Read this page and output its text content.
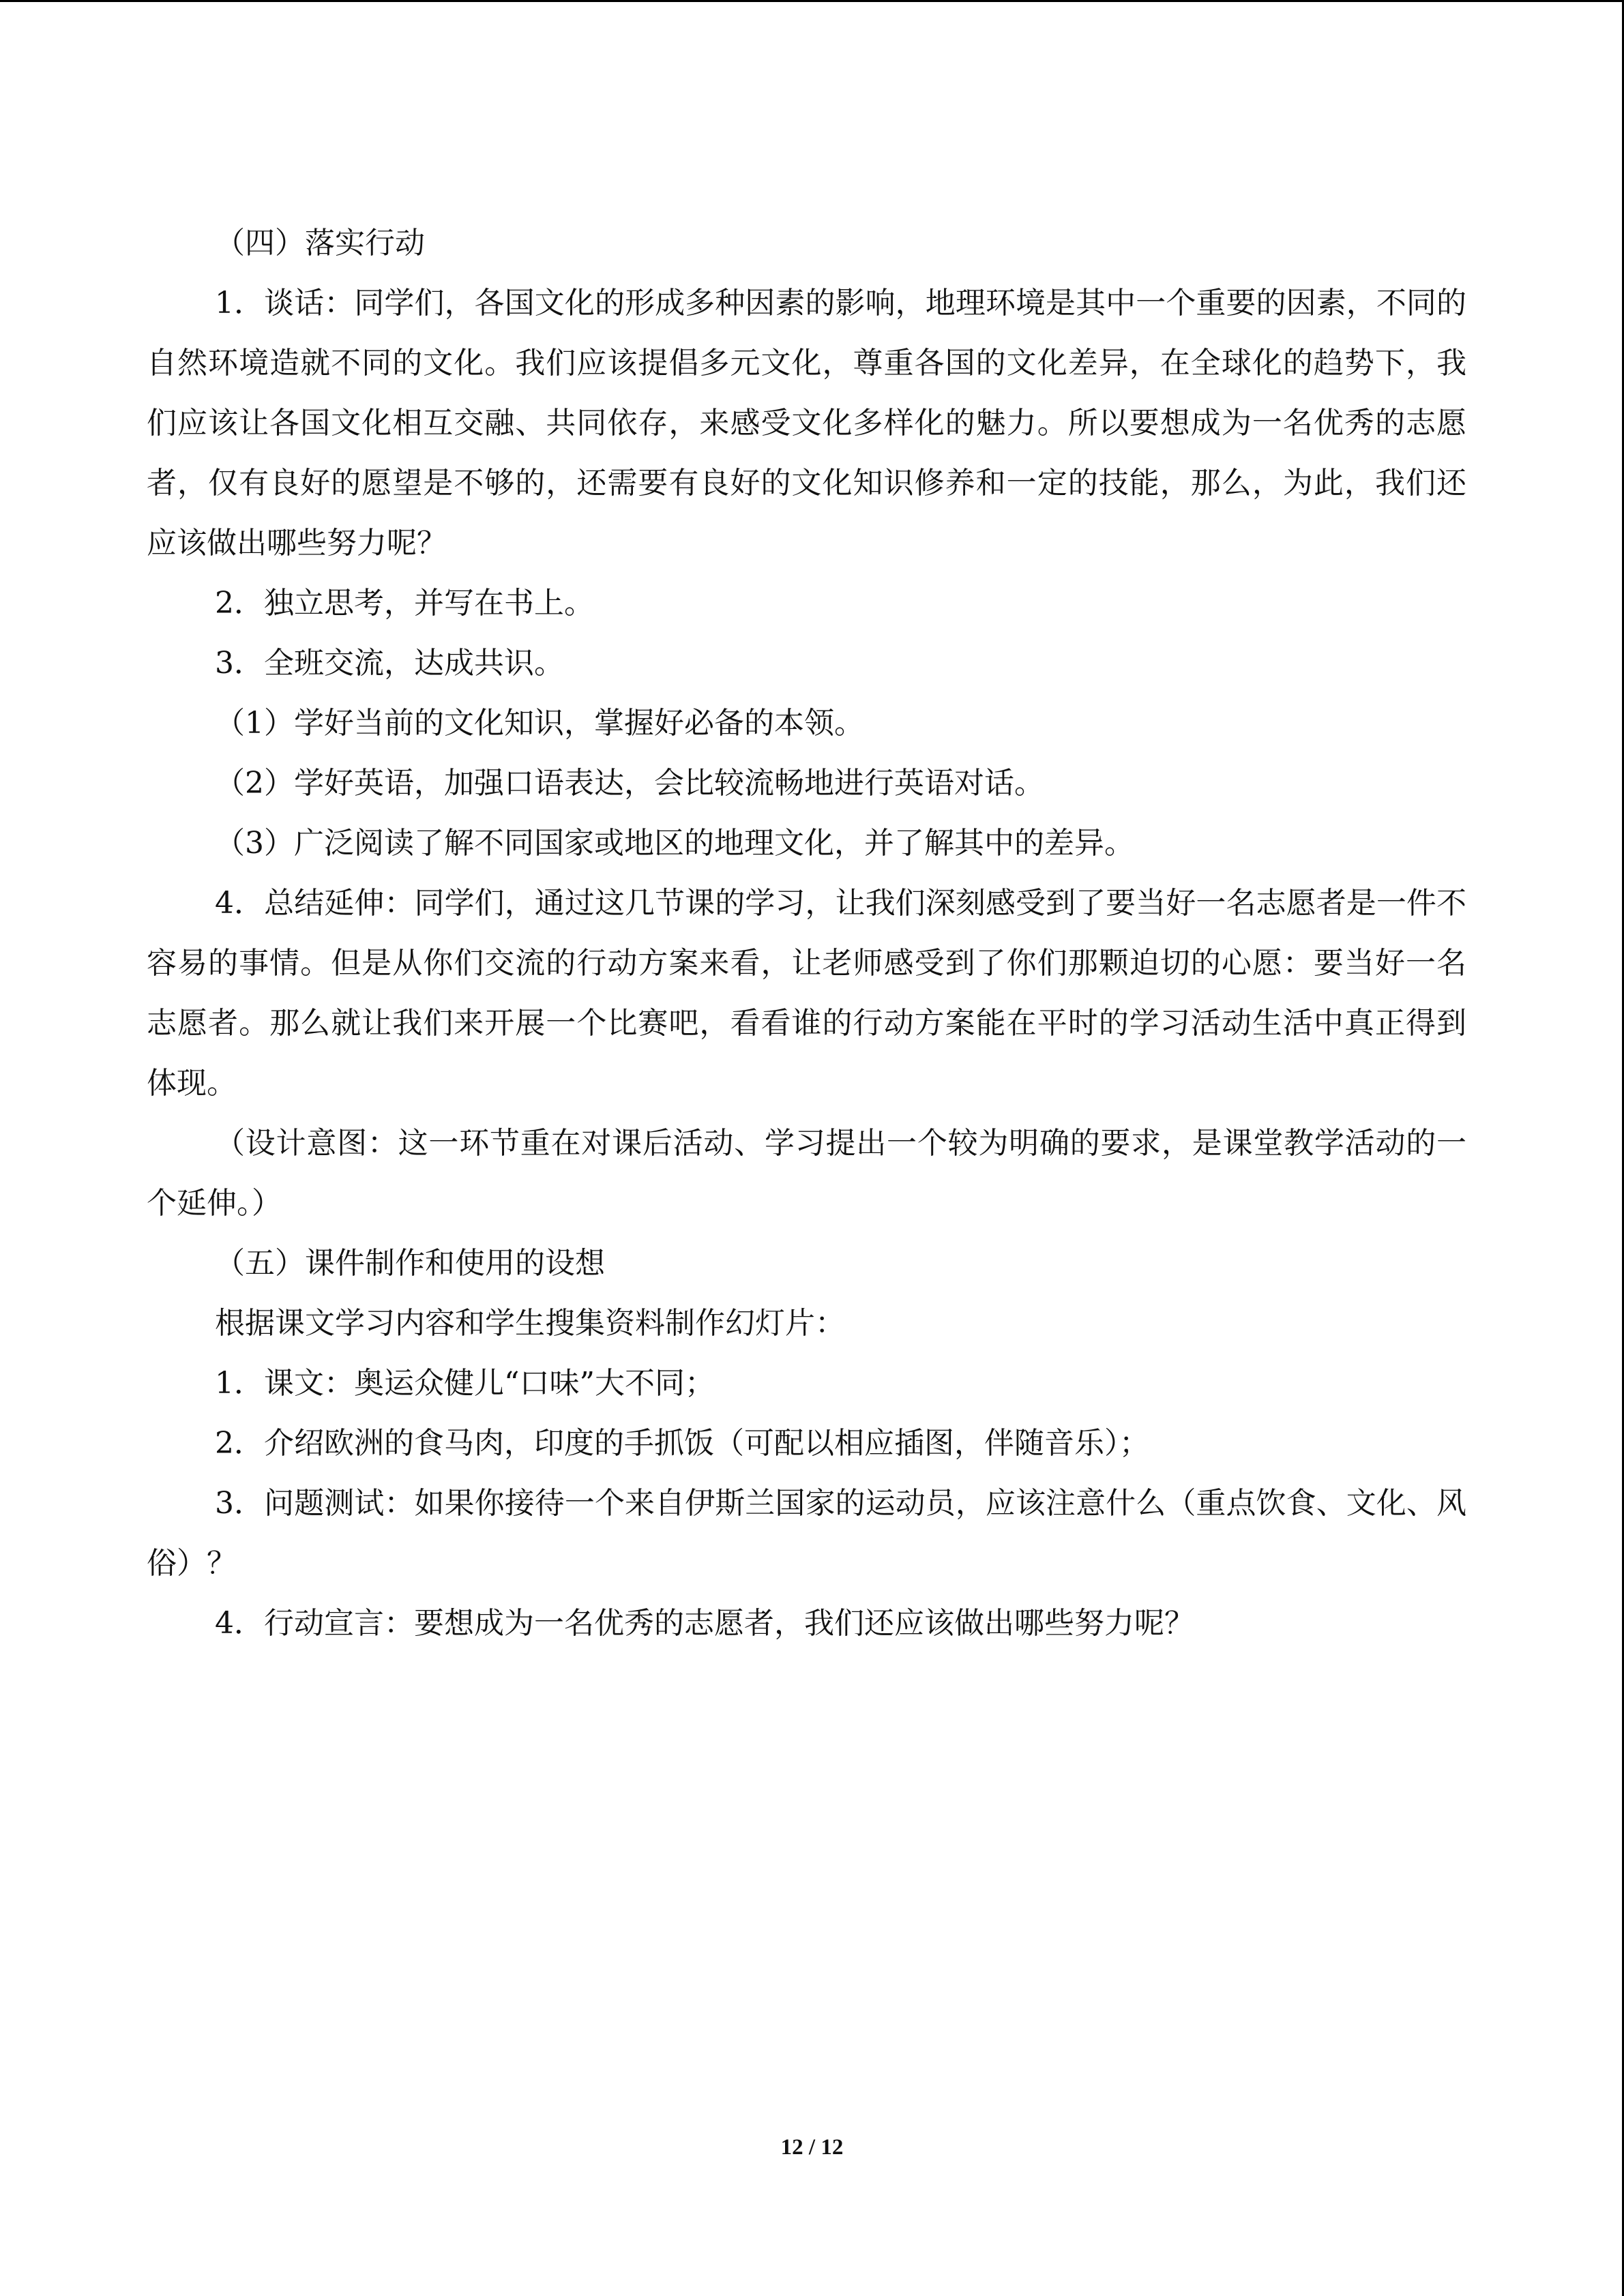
（四）落实行动

1．谈话：同学们，各国文化的形成多种因素的影响，地理环境是其中一个重要的因素，不同的自然环境造就不同的文化。我们应该提倡多元文化，尊重各国的文化差异，在全球化的趋势下，我们应该让各国文化相互交融、共同依存，来感受文化多样化的魅力。所以要想成为一名优秀的志愿者，仅有良好的愿望是不够的，还需要有良好的文化知识修养和一定的技能，那么，为此，我们还应该做出哪些努力呢？

2．独立思考，并写在书上。

3．全班交流，达成共识。

（1）学好当前的文化知识，掌握好必备的本领。

（2）学好英语，加强口语表达，会比较流畅地进行英语对话。

（3）广泛阅读了解不同国家或地区的地理文化，并了解其中的差异。

4．总结延伸：同学们，通过这几节课的学习，让我们深刻感受到了要当好一名志愿者是一件不容易的事情。但是从你们交流的行动方案来看，让老师感受到了你们那颗迫切的心愿：要当好一名志愿者。那么就让我们来开展一个比赛吧，看看谁的行动方案能在平时的学习活动生活中真正得到体现。

（设计意图：这一环节重在对课后活动、学习提出一个较为明确的要求，是课堂教学活动的一个延伸。）

（五）课件制作和使用的设想

根据课文学习内容和学生搜集资料制作幻灯片：

1．课文：奥运众健儿“口味”大不同；

2．介绍欧洲的食马肉，印度的手抓饭（可配以相应插图，伴随音乐）；

3．问题测试：如果你接待一个来自伊斯兰国家的运动员，应该注意什么（重点饮食、文化、风俗）？

4．行动宣言：要想成为一名优秀的志愿者，我们还应该做出哪些努力呢？

12 / 12
